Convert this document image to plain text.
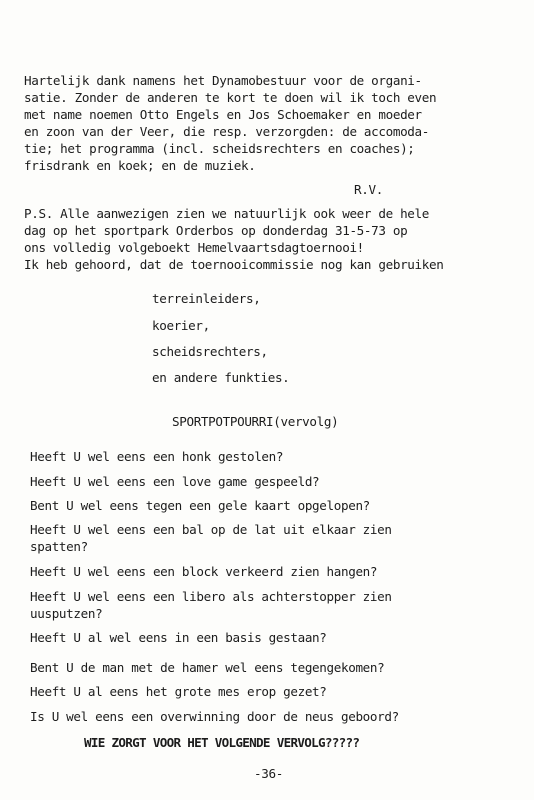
Hartelijk dank namens het Dynamobestuur voor de organi-
satie. Zonder de anderen te kort te doen wil ik toch even
met name noemen Otto Engels en Jos Schoemaker en moeder
en zoon van der Veer, die resp. verzorgden: de accomoda-
tie; het programma (incl. scheidsrechters en coaches);
frisdrank en koek; en de muziek.
R.V.
P.S. Alle aanwezigen zien we natuurlijk ook weer de hele
dag op het sportpark Orderbos op donderdag 31-5-73 op
ons volledig volgeboekt Hemelvaartsdagtoernooi!
Ik heb gehoord, dat de toernooicommissie nog kan gebruiken
terreinleiders,
koerier,
scheidsrechters,
en andere funkties.
SPORTPOTPOURRI(vervolg)
Heeft U wel eens een honk gestolen?
Heeft U wel eens een love game gespeeld?
Bent U wel eens tegen een gele kaart opgelopen?
Heeft U wel eens een bal op de lat uit elkaar zien
spatten?
Heeft U wel eens een block verkeerd zien hangen?
Heeft U wel eens een libero als achterstopper zien
uusputzen?
Heeft U al wel eens in een basis gestaan?
Bent U de man met de hamer wel eens tegengekomen?
Heeft U al eens het grote mes erop gezet?
Is U wel eens een overwinning door de neus geboord?
WIE ZORGT VOOR HET VOLGENDE VERVOLG?????
-36-
